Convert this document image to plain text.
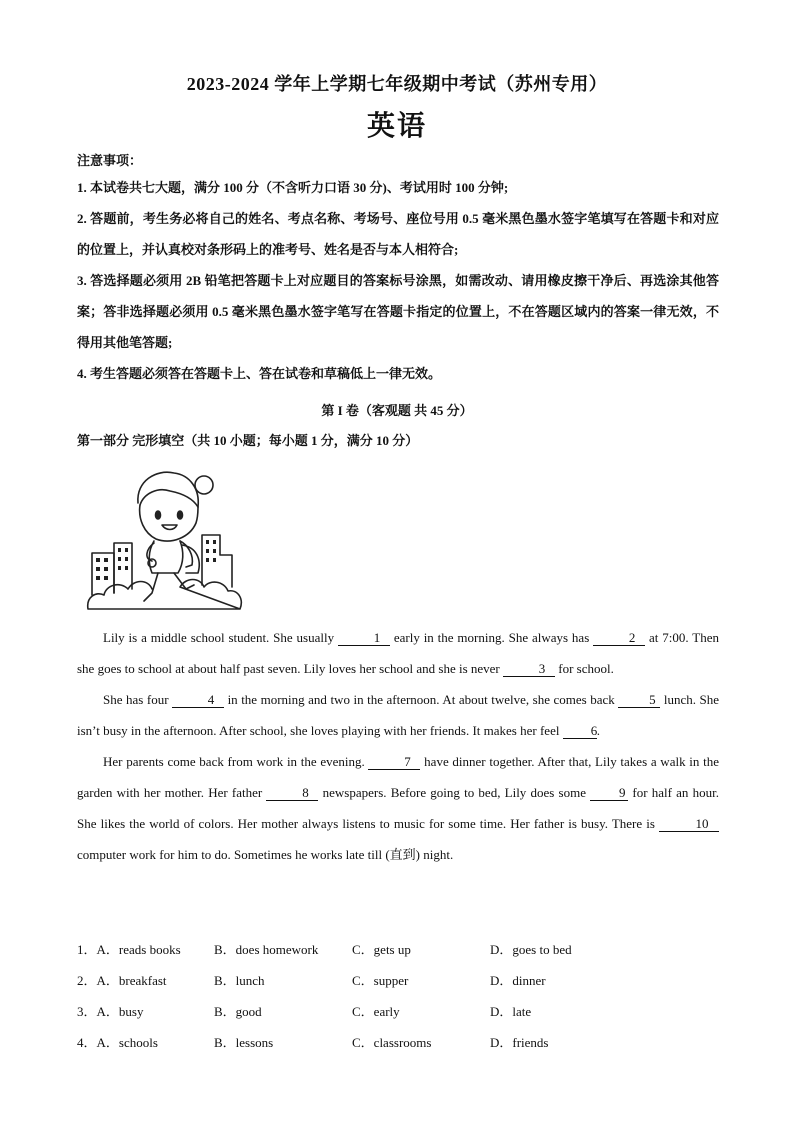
2023-2024 学年上学期七年级期中考试（苏州专用）
英语
注意事项：
1. 本试卷共七大题，满分 100 分（不含听力口语 30 分)、考试用时 100 分钟;
2. 答题前，考生务必将自己的姓名、考点名称、考场号、座位号用 0.5 毫米黑色墨水签字笔填写在答题卡和对应的位置上，并认真校对条形码上的准考号、姓名是否与本人相符合;
3. 答选择题必须用 2B 铅笔把答题卡上对应题目的答案标号涂黑，如需改动、请用橡皮擦干净后、再选涂其他答案；答非选择题必须用 0.5 毫米黑色墨水签字笔写在答题卡指定的位置上，不在答题区域内的答案一律无效，不得用其他笔答题;
4. 考生答题必须答在答题卡上、答在试卷和草稿低上一律无效。
第 I 卷（客观题 共 45 分）
第一部分 完形填空（共 10 小题；每小题 1 分，满分 10 分）

Lily is a middle school student. She usually	1 early in the morning. She always has	2 at 7:00. Then she goes to school at about half past seven. Lily loves her school and she is never	3 for school.

She has four	4 in the morning and two in the afternoon. At about twelve, she comes back 5 lunch. She isn’t busy in the afternoon. After school, she loves playing with her friends. It makes her feel 6.

Her parents come back from work in the evening.	7 have dinner together. After that, Lily takes a walk in the garden with her mother. Her father	8 newspapers. Before going to bed, Lily does some 9 for half an hour. She likes the world of colors. Her mother always listens to music for some time. Her father is busy. There is	10 computer work for him to do. Sometimes he works late till (直到) night.

1．A．reads books	B．does homework	C．gets up	D．goes to bed
2．A．breakfast	B．lunch	C．supper	D．dinner
3．A．busy	B．good	C．early	D．late
4．A．schools	B．lessons	C．classrooms	D．friends
